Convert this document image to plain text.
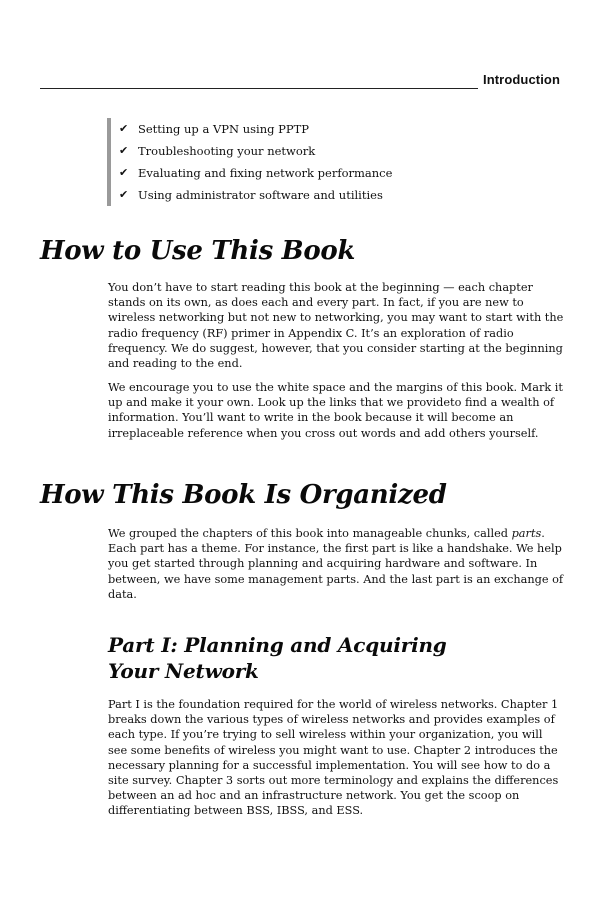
Introduction
✔ Setting up a VPN using PPTP
✔ Troubleshooting your network
✔ Evaluating and fixing network performance
✔ Using administrator software and utilities
How to Use This Book

You don’t have to start reading this book at the beginning — each chapter stands on its own, as does each and every part. In fact, if you are new to wireless networking but not new to networking, you may want to start with the radio frequency (RF) primer in Appendix C. It’s an exploration of radio frequency. We do suggest, however, that you consider starting at the beginning and reading to the end.

We encourage you to use the white space and the margins of this book. Mark it up and make it your own. Look up the links that we provideto find a wealth of information. You’ll want to write in the book because it will become an irreplaceable reference when you cross out words and add others yourself.

How This Book Is Organized

We grouped the chapters of this book into manageable chunks, called parts. Each part has a theme. For instance, the first part is like a handshake. We help you get started through planning and acquiring hardware and software. In between, we have some management parts. And the last part is an exchange of data.

Part I: Planning and Acquiring
Your Network

Part I is the foundation required for the world of wireless networks. Chapter 1 breaks down the various types of wireless networks and provides examples of each type. If you’re trying to sell wireless within your organization, you will see some benefits of wireless you might want to use. Chapter 2 introduces the necessary planning for a successful implementation. You will see how to do a site survey. Chapter 3 sorts out more terminology and explains the differences between an ad hoc and an infrastructure network. You get the scoop on differentiating between BSS, IBSS, and ESS.
